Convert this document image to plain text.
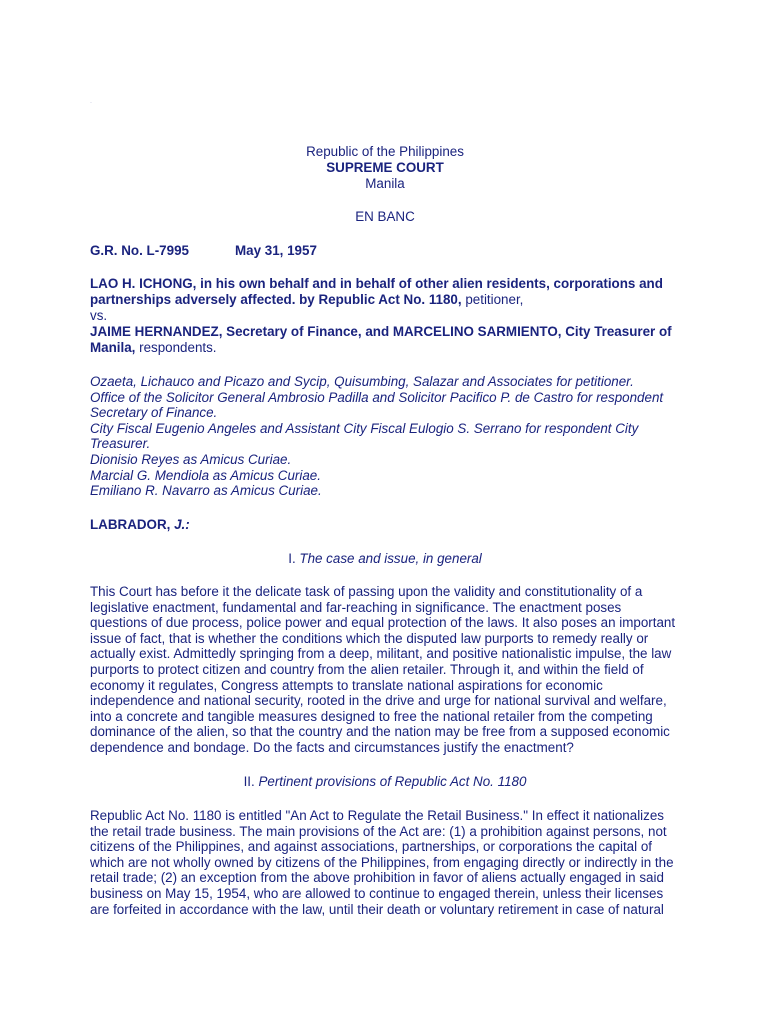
·

Republic of the Philippines

SUPREME COURT

Manila

EN BANC

G.R. No. L-7995	May 31, 1957

LAO H. ICHONG, in his own behalf and in behalf of other alien residents, corporations and partnerships adversely affected. by Republic Act No. 1180, petitioner,

vs.

JAIME HERNANDEZ, Secretary of Finance, and MARCELINO SARMIENTO, City Treasurer of Manila, respondents.

Ozaeta, Lichauco and Picazo and Sycip, Quisumbing, Salazar and Associates for petitioner.
Office of the Solicitor General Ambrosio Padilla and Solicitor Pacifico P. de Castro for respondent Secretary of Finance.
City Fiscal Eugenio Angeles and Assistant City Fiscal Eulogio S. Serrano for respondent City Treasurer.
Dionisio Reyes as Amicus Curiae.
Marcial G. Mendiola as Amicus Curiae.
Emiliano R. Navarro as Amicus Curiae.

LABRADOR, J.:

I. The case and issue, in general

This Court has before it the delicate task of passing upon the validity and constitutionality of a legislative enactment, fundamental and far-reaching in significance. The enactment poses questions of due process, police power and equal protection of the laws. It also poses an important issue of fact, that is whether the conditions which the disputed law purports to remedy really or actually exist. Admittedly springing from a deep, militant, and positive nationalistic impulse, the law purports to protect citizen and country from the alien retailer. Through it, and within the field of economy it regulates, Congress attempts to translate national aspirations for economic independence and national security, rooted in the drive and urge for national survival and welfare, into a concrete and tangible measures designed to free the national retailer from the competing dominance of the alien, so that the country and the nation may be free from a supposed economic dependence and bondage. Do the facts and circumstances justify the enactment?

II. Pertinent provisions of Republic Act No. 1180

Republic Act No. 1180 is entitled "An Act to Regulate the Retail Business." In effect it nationalizes the retail trade business. The main provisions of the Act are: (1) a prohibition against persons, not citizens of the Philippines, and against associations, partnerships, or corporations the capital of which are not wholly owned by citizens of the Philippines, from engaging directly or indirectly in the retail trade; (2) an exception from the above prohibition in favor of aliens actually engaged in said business on May 15, 1954, who are allowed to continue to engaged therein, unless their licenses are forfeited in accordance with the law, until their death or voluntary retirement in case of natural
